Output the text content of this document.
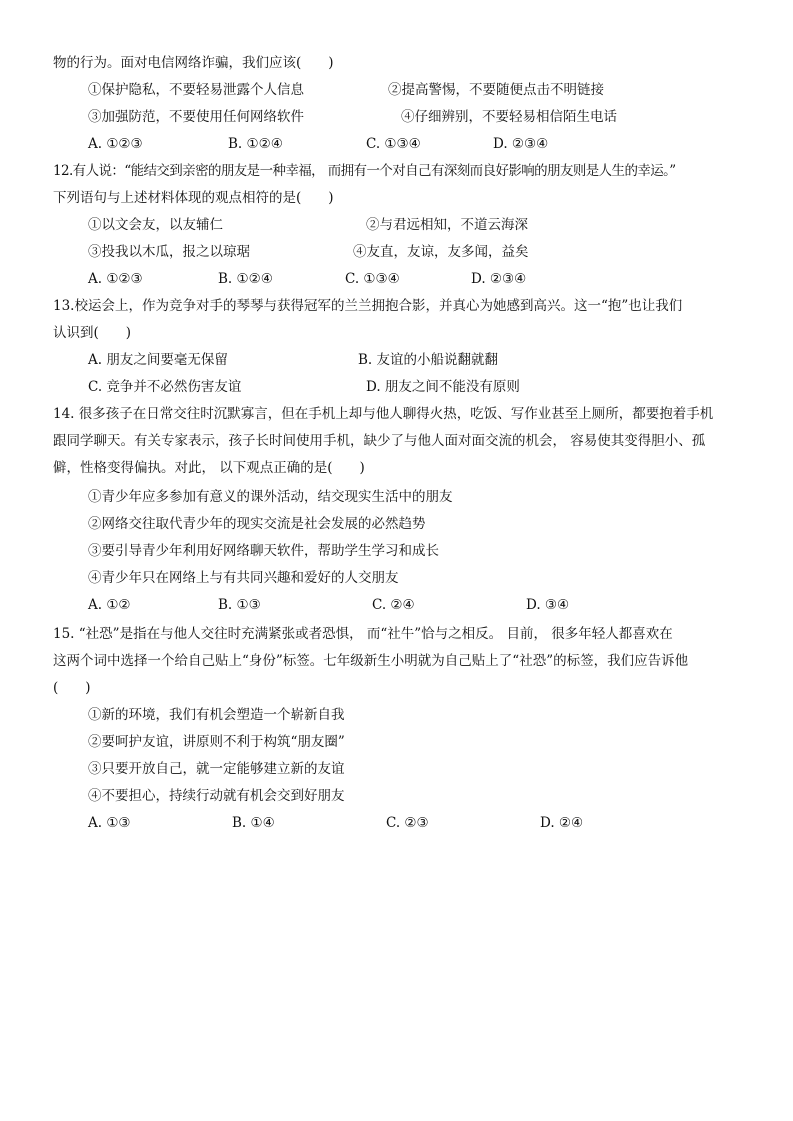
物的行为。面对电信网络诈骗，我们应该(　　)
①保护隐私，不要轻易泄露个人信息	②提高警惕，不要随便点击不明链接
③加强防范，不要使用任何网络软件	④仔细辨别，不要轻易相信陌生电话
A. ①②③	B. ①②④	C. ①③④	D. ②③④
12.有人说：“能结交到亲密的朋友是一种幸福， 而拥有一个对自己有深刻而良好影响的朋友则是人生的幸运。”
下列语句与上述材料体现的观点相符的是(　　)
①以文会友，以友辅仁	②与君远相知，不道云海深
③投我以木瓜，报之以琼琚	④友直，友谅，友多闻，益矣
A. ①②③	B. ①②④	C. ①③④	D. ②③④
13.校运会上，作为竞争对手的琴琴与获得冠军的兰兰拥抱合影，并真心为她感到高兴。这一“抱”也让我们
认识到(　　)
A. 朋友之间要毫无保留	B. 友谊的小船说翻就翻
C. 竞争并不必然伤害友谊	D. 朋友之间不能没有原则
14. 很多孩子在日常交往时沉默寡言，但在手机上却与他人聊得火热，吃饭、写作业甚至上厕所，都要抱着手机
跟同学聊天。有关专家表示，孩子长时间使用手机，缺少了与他人面对面交流的机会， 容易使其变得胆小、孤
僻，性格变得偏执。对此， 以下观点正确的是(　　)
①青少年应多参加有意义的课外活动，结交现实生活中的朋友
②网络交往取代青少年的现实交流是社会发展的必然趋势
③要引导青少年利用好网络聊天软件，帮助学生学习和成长
④青少年只在网络上与有共同兴趣和爱好的人交朋友
A. ①②	B. ①③	C. ②④	D. ③④
15. “社恐”是指在与他人交往时充满紧张或者恐惧， 而“社牛”恰与之相反。 目前， 很多年轻人都喜欢在
这两个词中选择一个给自己贴上“身份”标签。七年级新生小明就为自己贴上了“社恐”的标签，我们应告诉他
(　　)
①新的环境，我们有机会塑造一个崭新自我
②要呵护友谊，讲原则不利于构筑“朋友圈”
③只要开放自己，就一定能够建立新的友谊
④不要担心，持续行动就有机会交到好朋友
A. ①③	B. ①④	C. ②③	D. ②④
